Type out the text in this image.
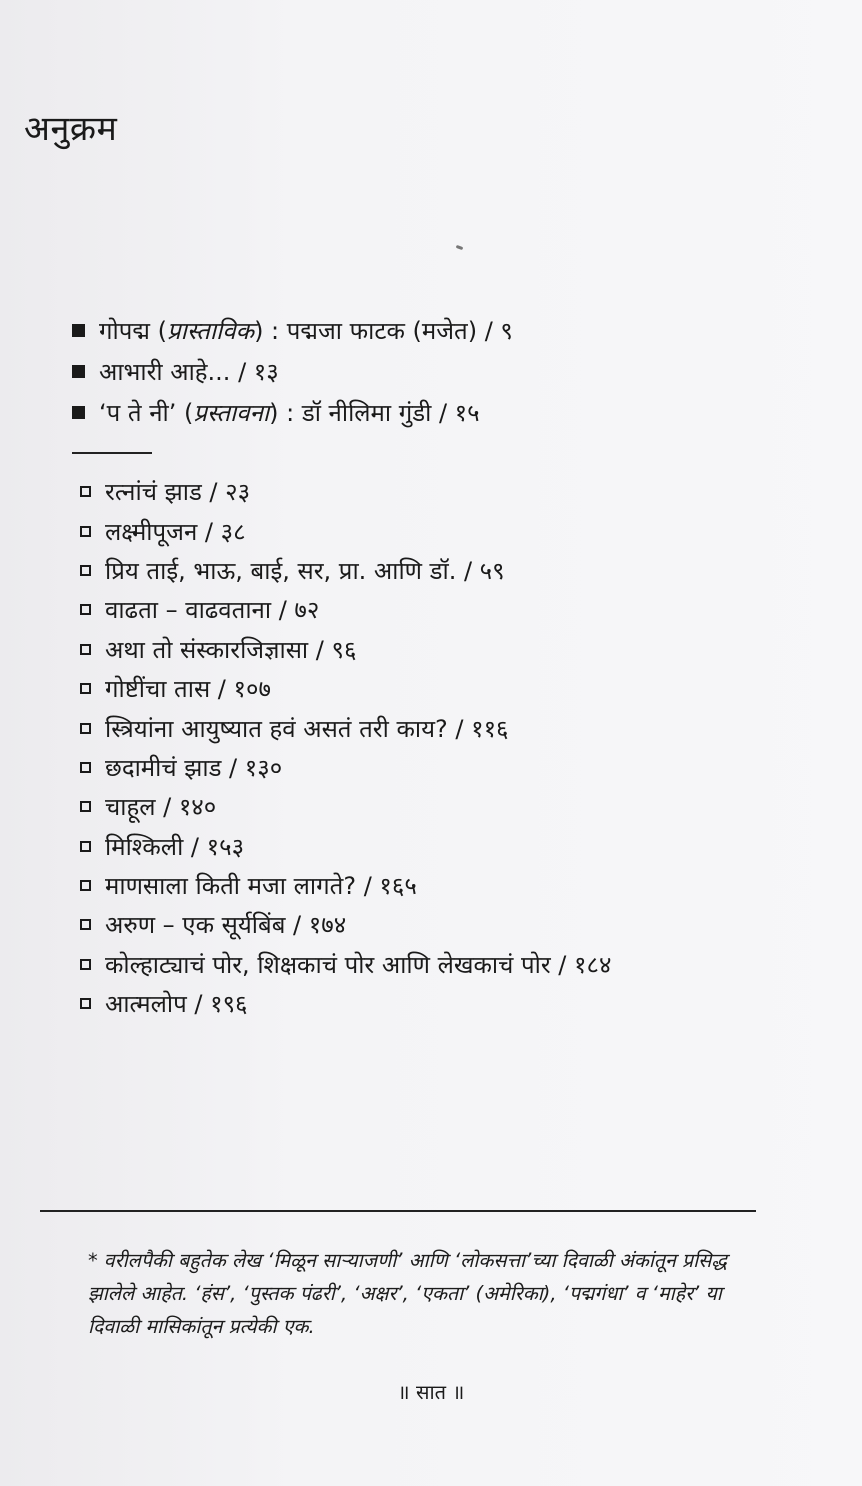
अनुक्रम
गोपद्म ( प्रास्ताविक ) : पद्मजा फाटक (मजेत) / ९
आभारी आहे... / १३
‘प ते नी’ ( प्रस्तावना ) : डॉ नीलिमा गुंडी / १५
रत्नांचं झाड / २३
लक्ष्मीपूजन / ३८
प्रिय ताई, भाऊ, बाई, सर, प्रा. आणि डॉ. / ५९
वाढता – वाढवताना / ७२
अथा तो संस्कारजिज्ञासा / ९६
गोष्टींचा तास / १०७
स्त्रियांना आयुष्यात हवं असतं तरी काय? / ११६
छदामीचं झाड / १३०
चाहूल / १४०
मिश्किली / १५३
माणसाला किती मजा लागते? / १६५
अरुण – एक सूर्यबिंब / १७४
कोल्हाट्याचं पोर, शिक्षकाचं पोर आणि लेखकाचं पोर / १८४
आत्मलोप / १९६
* वरीलपैकी बहुतेक लेख ‘मिळून साऱ्याजणी’ आणि ‘लोकसत्ता’च्या दिवाळी अंकांतून प्रसिद्ध झालेले आहेत. ‘हंस’, ‘पुस्तक पंढरी’, ‘अक्षर’, ‘एकता’ (अमेरिका), ‘पद्मगंधा’ व ‘माहेर’ या दिवाळी मासिकांतून प्रत्येकी एक.
॥ सात ॥
